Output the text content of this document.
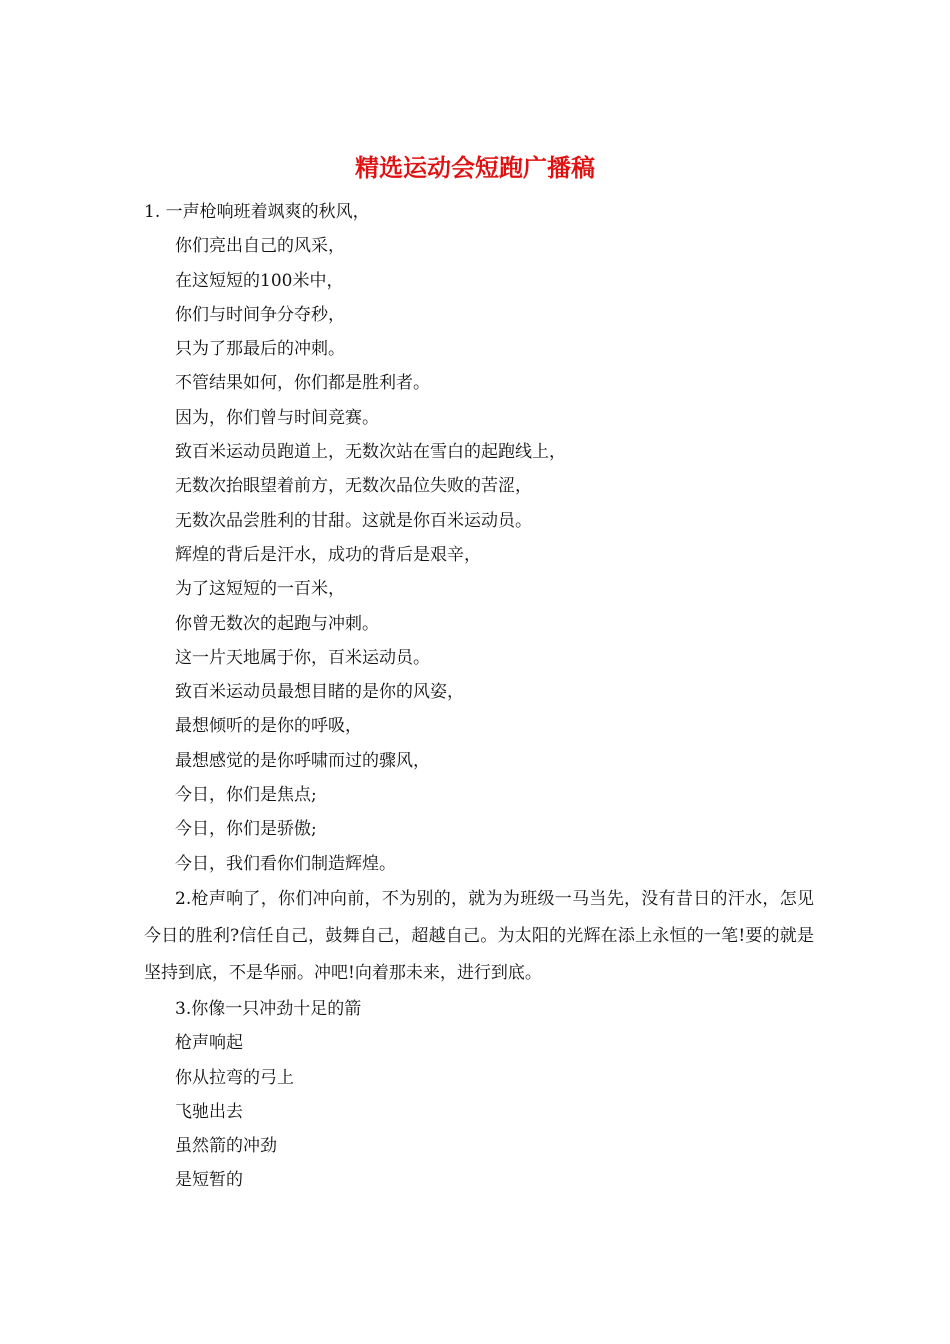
精选运动会短跑广播稿
1. 一声枪响班着飒爽的秋风，
你们亮出自己的风采，
在这短短的100米中，
你们与时间争分夺秒，
只为了那最后的冲刺。
不管结果如何，你们都是胜利者。
因为，你们曾与时间竞赛。
致百米运动员跑道上，无数次站在雪白的起跑线上，
无数次抬眼望着前方，无数次品位失败的苦涩，
无数次品尝胜利的甘甜。这就是你百米运动员。
辉煌的背后是汗水，成功的背后是艰辛，
为了这短短的一百米，
你曾无数次的起跑与冲刺。
这一片天地属于你，百米运动员。
致百米运动员最想目睹的是你的风姿，
最想倾听的是你的呼吸，
最想感觉的是你呼啸而过的骤风，
今日，你们是焦点;
今日，你们是骄傲;
今日，我们看你们制造辉煌。

2.枪声响了，你们冲向前，不为别的，就为为班级一马当先，没有昔日的汗水，怎见今日的胜利?信任自己，鼓舞自己，超越自己。为太阳的光辉在添上永恒的一笔!要的就是坚持到底，不是华丽。冲吧!向着那未来，进行到底。

3.你像一只冲劲十足的箭
枪声响起
你从拉弯的弓上
飞驰出去
虽然箭的冲劲
是短暂的
